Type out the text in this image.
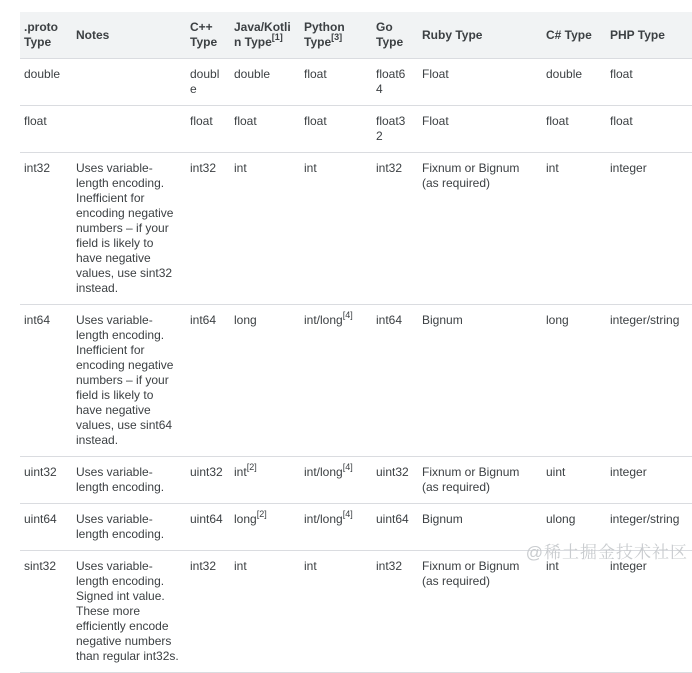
.proto Type	Notes	C++ Type	Java/Kotlin Type[1]	Python Type[3]	Go Type	Ruby Type	C# Type	PHP Type
double		double	double	float	float64	Float	double	float
float		float	float	float	float32	Float	float	float
int32	Uses variable-length encoding. Inefficient for encoding negative numbers – if your field is likely to have negative values, use sint32 instead.	int32	int	int	int32	Fixnum or Bignum (as required)	int	integer
int64	Uses variable-length encoding. Inefficient for encoding negative numbers – if your field is likely to have negative values, use sint64 instead.	int64	long	int/long[4]	int64	Bignum	long	integer/string
uint32	Uses variable-length encoding.	uint32	int[2]	int/long[4]	uint32	Fixnum or Bignum (as required)	uint	integer
uint64	Uses variable-length encoding.	uint64	long[2]	int/long[4]	uint64	Bignum	ulong	integer/string
sint32	Uses variable-length encoding. Signed int value. These more efficiently encode negative numbers than regular int32s.	int32	int	int	int32	Fixnum or Bignum (as required)	int	integer
@稀土掘金技术社区
